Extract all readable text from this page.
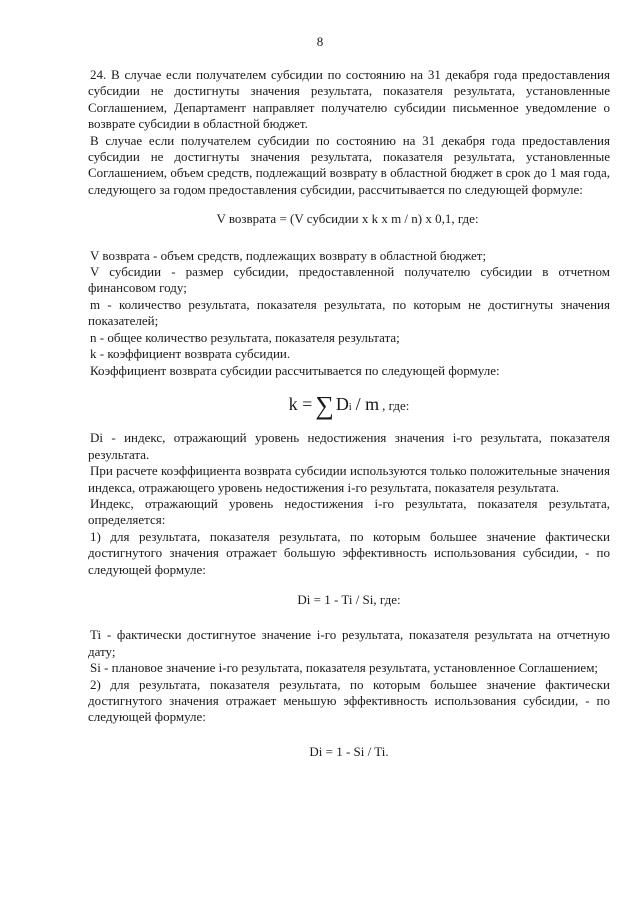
8

24. В случае если получателем субсидии по состоянию на 31 декабря года предоставления субсидии не достигнуты значения результата, показателя результата, установленные Соглашением, Департамент направляет получателю субсидии письменное уведомление о возврате субсидии в областной бюджет.

В случае если получателем субсидии по состоянию на 31 декабря года предоставления субсидии не достигнуты значения результата, показателя результата, установленные Соглашением, объем средств, подлежащий возврату в областной бюджет в срок до 1 мая года, следующего за годом предоставления субсидии, рассчитывается по следующей формуле:

V возврата = (V субсидии x k x m / n) x 0,1, где:

V возврата - объем средств, подлежащих возврату в областной бюджет;

V субсидии - размер субсидии, предоставленной получателю субсидии в отчетном финансовом году;

m - количество результата, показателя результата, по которым не достигнуты значения показателей;

n - общее количество результата, показателя результата;

k - коэффициент возврата субсидии.

Коэффициент возврата субсидии рассчитывается по следующей формуле:

k = ∑ $D_i$ / m , где:

Di - индекс, отражающий уровень недостижения значения i-го результата, показателя результата.

При расчете коэффициента возврата субсидии используются только положительные значения индекса, отражающего уровень недостижения i-го результата, показателя результата.

Индекс, отражающий уровень недостижения i-го результата, показателя результата, определяется:

1) для результата, показателя результата, по которым большее значение фактически достигнутого значения отражает большую эффективность использования субсидии, - по следующей формуле:

Di = 1 - Ti / Si, где:

Ti - фактически достигнутое значение i-го результата, показателя результата на отчетную дату;

Si - плановое значение i-го результата, показателя результата, установленное Соглашением;

2) для результата, показателя результата, по которым большее значение фактически достигнутого значения отражает меньшую эффективность использования субсидии, - по следующей формуле:

Di = 1 - Si / Ti.
